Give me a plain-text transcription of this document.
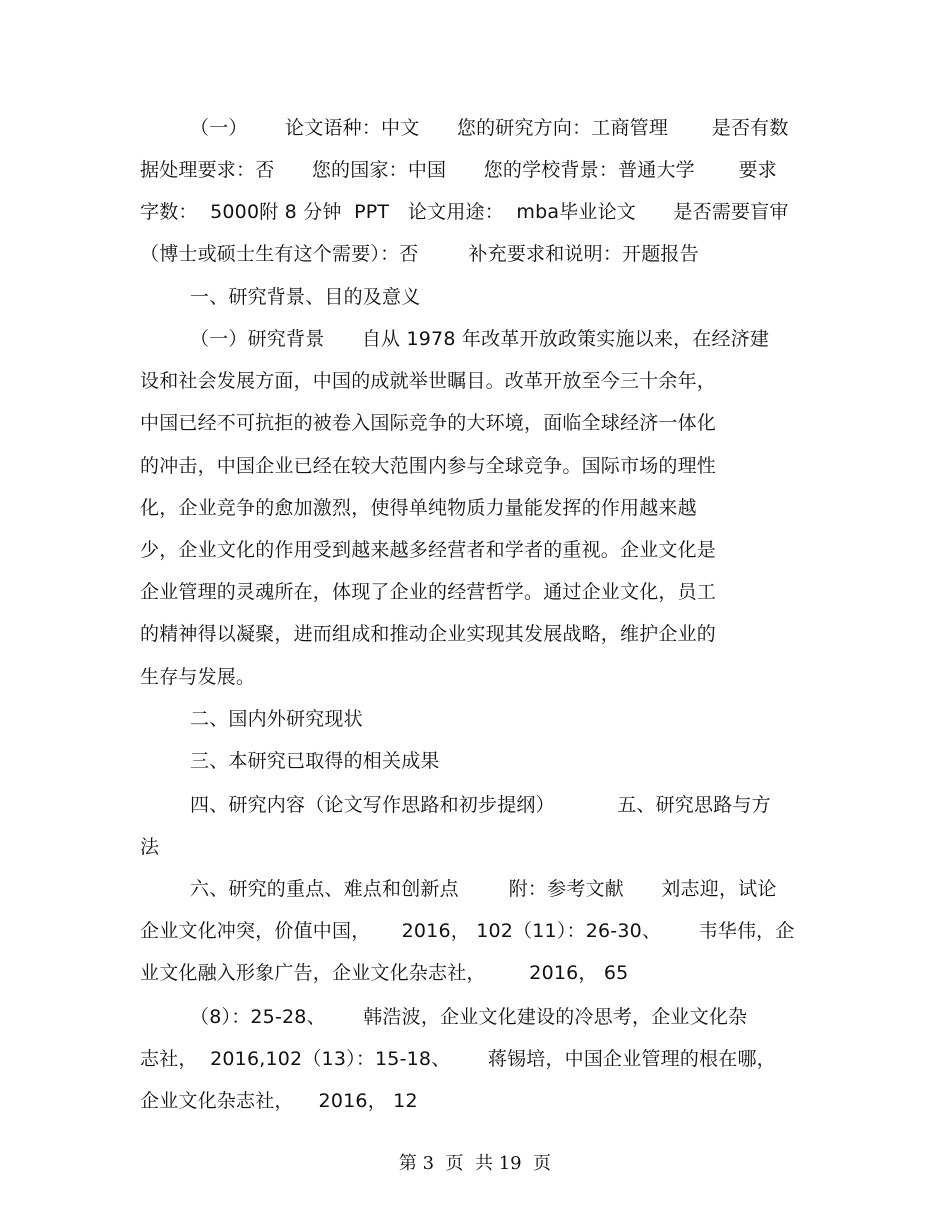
（一）      论文语种：中文      您的研究方向：工商管理       是否有数
据处理要求：否      您的国家：中国      您的学校背景：普通大学       要求
字数：  5000附 8 分钟  PPT   论文用途：  mba毕业论文      是否需要盲审
（博士或硕士生有这个需要）：否        补充要求和说明：开题报告
一、研究背景、目的及意义
（一）研究背景      自从 1978 年改革开放政策实施以来，在经济建
设和社会发展方面，中国的成就举世瞩目。改革开放至今三十余年，
中国已经不可抗拒的被卷入国际竞争的大环境，面临全球经济一体化
的冲击，中国企业已经在较大范围内参与全球竞争。国际市场的理性
化，企业竞争的愈加激烈，使得单纯物质力量能发挥的作用越来越
少，企业文化的作用受到越来越多经营者和学者的重视。企业文化是
企业管理的灵魂所在，体现了企业的经营哲学。通过企业文化，员工
的精神得以凝聚，进而组成和推动企业实现其发展战略，维护企业的
生存与发展。
二、国内外研究现状
三、本研究已取得的相关成果
四、研究内容（论文写作思路和初步提纲）          五、研究思路与方
法
六、研究的重点、难点和创新点        附：参考文献      刘志迎，试论
企业文化冲突，价值中国，     2016， 102（11）：26-30、      韦华伟，企
业文化融入形象广告，企业文化杂志社，       2016， 65
（8）：25-28、      韩浩波，企业文化建设的冷思考，企业文化杂
志社，  2016,102（13）：15-18、      蒋锡培，中国企业管理的根在哪，
企业文化杂志社，    2016， 12
第 3  页  共 19  页
